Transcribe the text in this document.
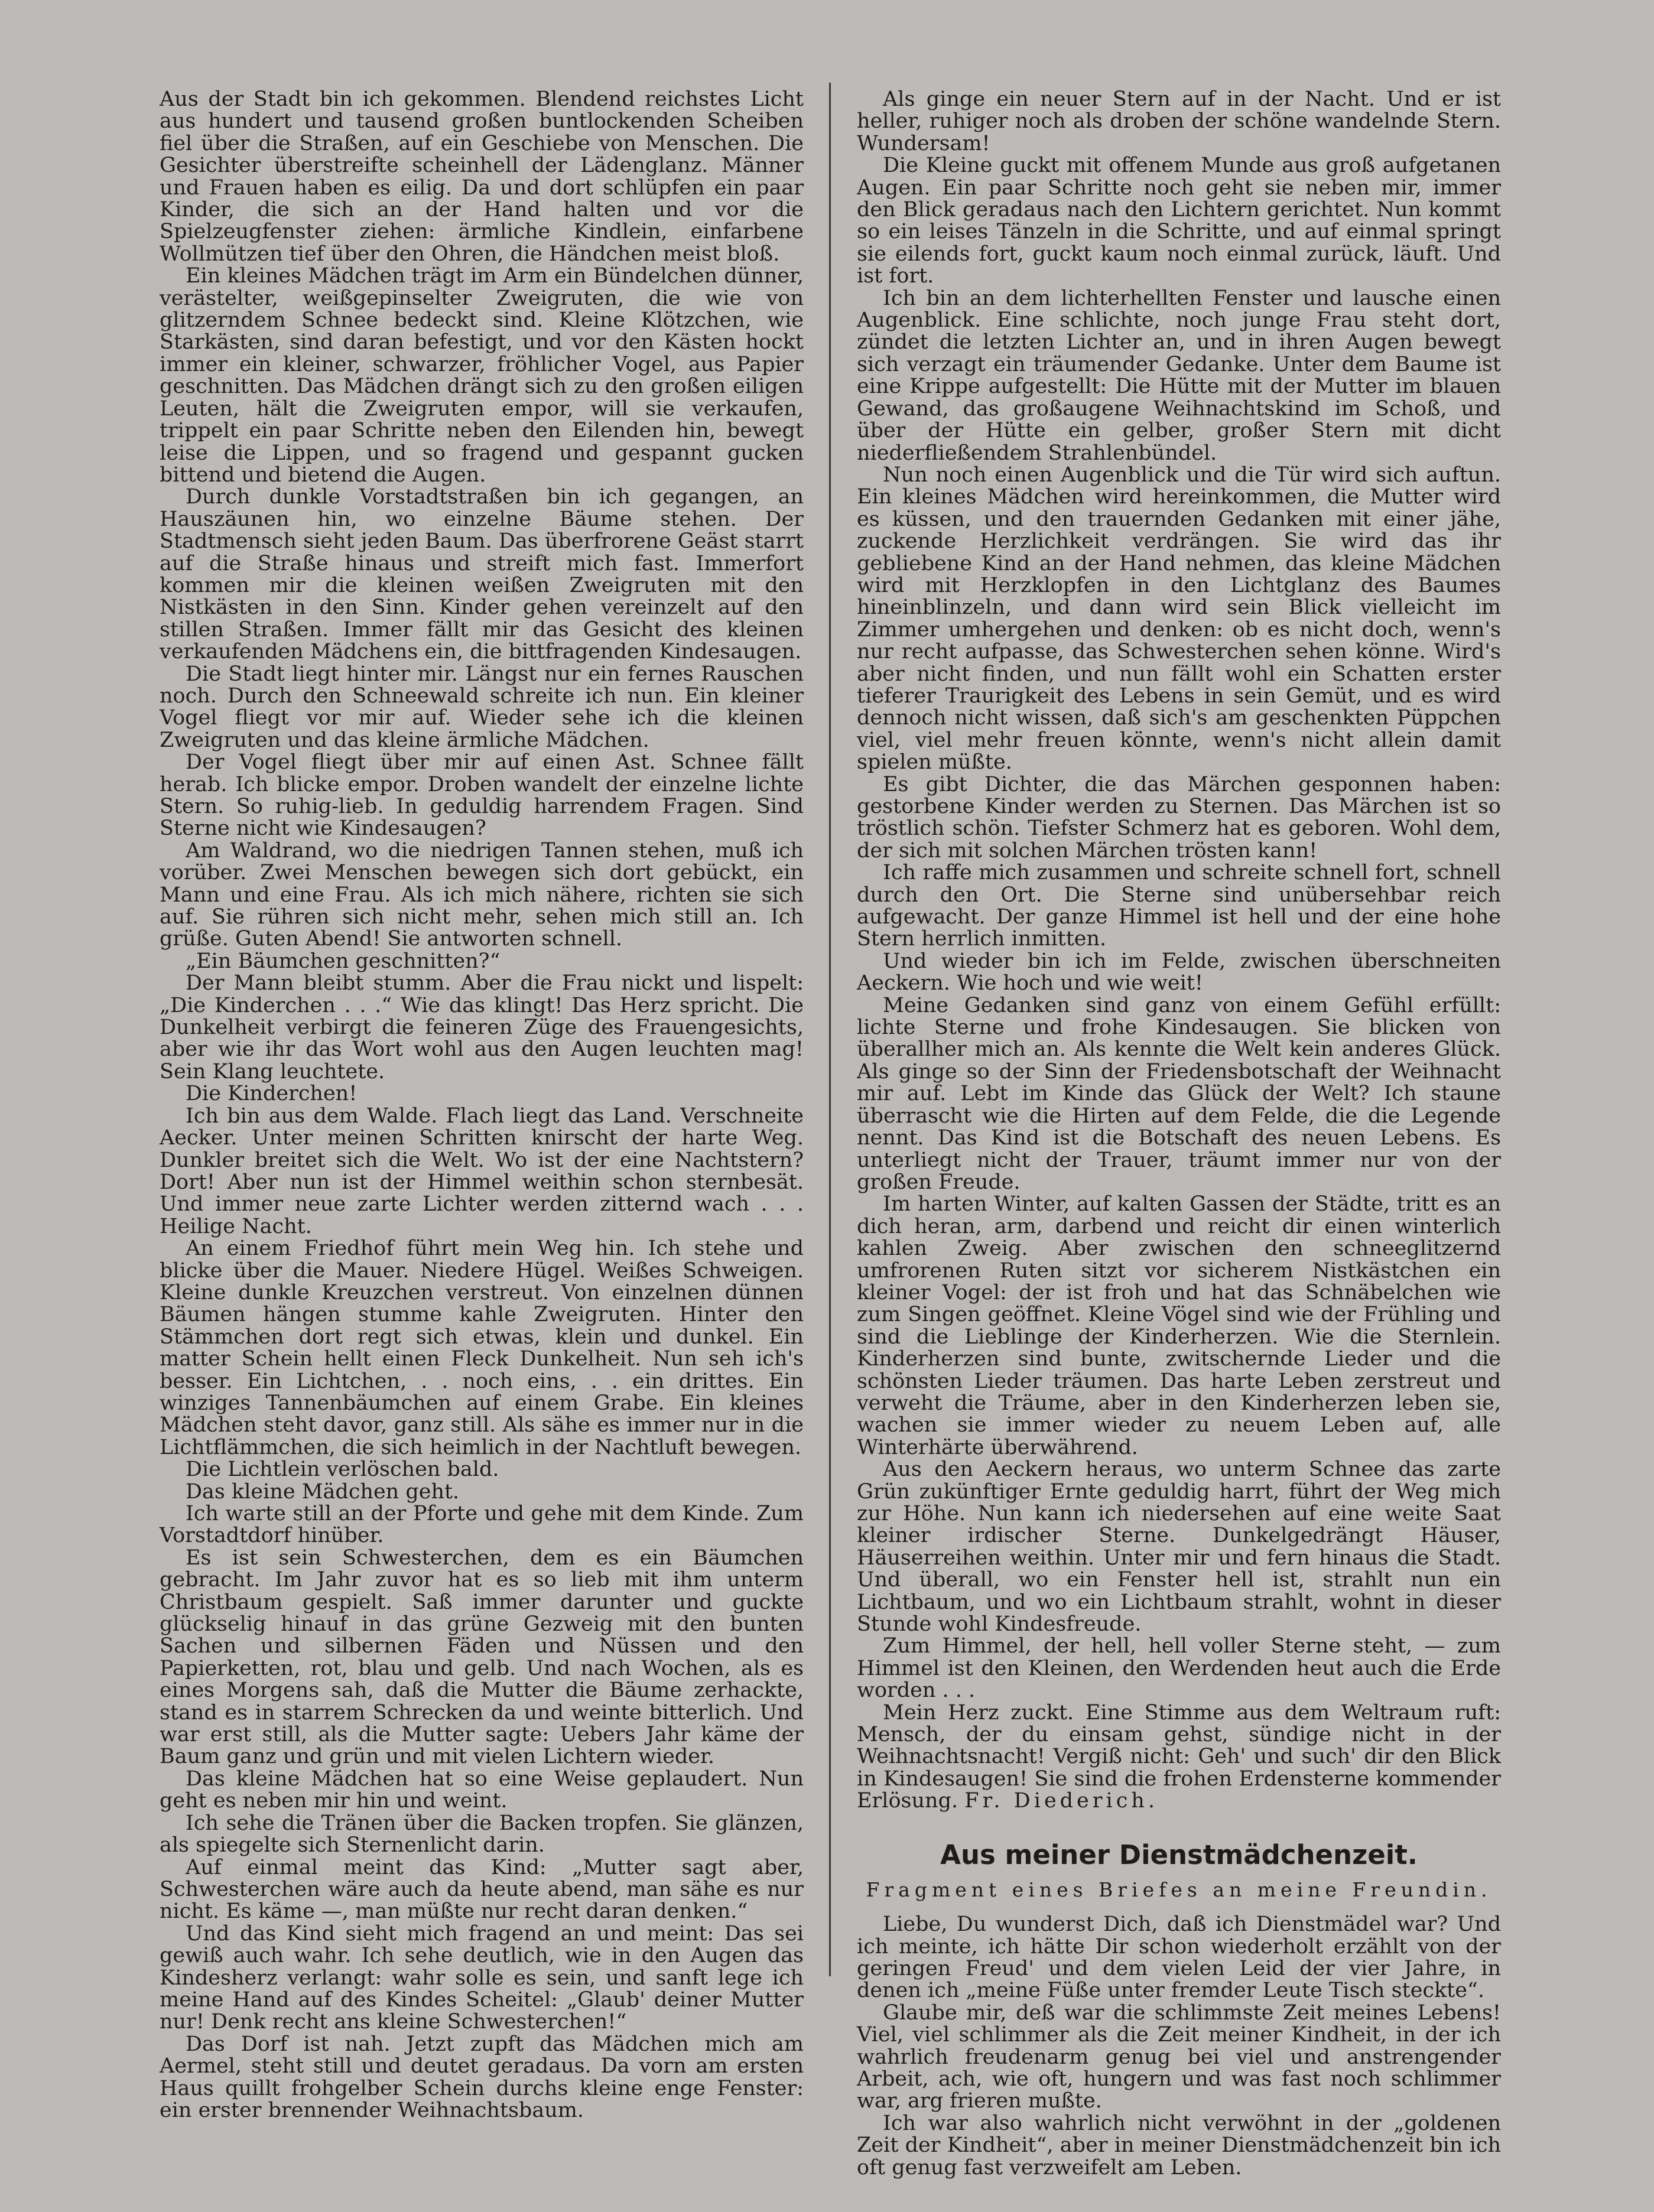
Aus der Stadt bin ich gekommen. Blendend reichstes Licht aus hundert und tausend großen buntlockenden Scheiben fiel über die Straßen, auf ein Geschiebe von Menschen. Die Gesichter überstreifte scheinhell der Lädenglanz. Männer und Frauen haben es eilig. Da und dort schlüpfen ein paar Kinder, die sich an der Hand halten und vor die Spielzeugfenster ziehen: ärmliche Kindlein, einfarbene Wollmützen tief über den Ohren, die Händchen meist bloß.

Ein kleines Mädchen trägt im Arm ein Bündelchen dünner, verästelter, weißgepinselter Zweigruten, die wie von glitzerndem Schnee bedeckt sind. Kleine Klötzchen, wie Starkästen, sind daran befestigt, und vor den Kästen hockt immer ein kleiner, schwarzer, fröhlicher Vogel, aus Papier geschnitten. Das Mädchen drängt sich zu den großen eiligen Leuten, hält die Zweigruten empor, will sie verkaufen, trippelt ein paar Schritte neben den Eilenden hin, bewegt leise die Lippen, und so fragend und gespannt gucken bittend und bietend die Augen.

Durch dunkle Vorstadtstraßen bin ich gegangen, an Hauszäunen hin, wo einzelne Bäume stehen. Der Stadtmensch sieht jeden Baum. Das überfrorene Geäst starrt auf die Straße hinaus und streift mich fast. Immerfort kommen mir die kleinen weißen Zweigruten mit den Nistkästen in den Sinn. Kinder gehen vereinzelt auf den stillen Straßen. Immer fällt mir das Gesicht des kleinen verkaufenden Mädchens ein, die bittfragenden Kindesaugen.

Die Stadt liegt hinter mir. Längst nur ein fernes Rauschen noch. Durch den Schneewald schreite ich nun. Ein kleiner Vogel fliegt vor mir auf. Wieder sehe ich die kleinen Zweigruten und das kleine ärmliche Mädchen.

Der Vogel fliegt über mir auf einen Ast. Schnee fällt herab. Ich blicke empor. Droben wandelt der einzelne lichte Stern. So ruhig-lieb. In geduldig harrendem Fragen. Sind Sterne nicht wie Kindesaugen?

Am Waldrand, wo die niedrigen Tannen stehen, muß ich vorüber. Zwei Menschen bewegen sich dort gebückt, ein Mann und eine Frau. Als ich mich nähere, richten sie sich auf. Sie rühren sich nicht mehr, sehen mich still an. Ich grüße. Guten Abend! Sie antworten schnell.

„Ein Bäumchen geschnitten?“

Der Mann bleibt stumm. Aber die Frau nickt und lispelt: „Die Kinderchen . . .“ Wie das klingt! Das Herz spricht. Die Dunkelheit verbirgt die feineren Züge des Frauengesichts, aber wie ihr das Wort wohl aus den Augen leuchten mag! Sein Klang leuchtete.

Die Kinderchen!

Ich bin aus dem Walde. Flach liegt das Land. Verschneite Aecker. Unter meinen Schritten knirscht der harte Weg. Dunkler breitet sich die Welt. Wo ist der eine Nachtstern? Dort! Aber nun ist der Himmel weithin schon sternbesät. Und immer neue zarte Lichter werden zitternd wach . . . Heilige Nacht.

An einem Friedhof führt mein Weg hin. Ich stehe und blicke über die Mauer. Niedere Hügel. Weißes Schweigen. Kleine dunkle Kreuzchen verstreut. Von einzelnen dünnen Bäumen hängen stumme kahle Zweigruten. Hinter den Stämmchen dort regt sich etwas, klein und dunkel. Ein matter Schein hellt einen Fleck Dunkelheit. Nun seh ich's besser. Ein Lichtchen, . . noch eins, . . ein drittes. Ein winziges Tannenbäumchen auf einem Grabe. Ein kleines Mädchen steht davor, ganz still. Als sähe es immer nur in die Lichtflämmchen, die sich heimlich in der Nachtluft bewegen.

Die Lichtlein verlöschen bald.

Das kleine Mädchen geht.

Ich warte still an der Pforte und gehe mit dem Kinde. Zum Vorstadtdorf hinüber.

Es ist sein Schwesterchen, dem es ein Bäumchen gebracht. Im Jahr zuvor hat es so lieb mit ihm unterm Christbaum gespielt. Saß immer darunter und guckte glückselig hinauf in das grüne Gezweig mit den bunten Sachen und silbernen Fäden und Nüssen und den Papierketten, rot, blau und gelb. Und nach Wochen, als es eines Morgens sah, daß die Mutter die Bäume zerhackte, stand es in starrem Schrecken da und weinte bitterlich. Und war erst still, als die Mutter sagte: Uebers Jahr käme der Baum ganz und grün und mit vielen Lichtern wieder.

Das kleine Mädchen hat so eine Weise geplaudert. Nun geht es neben mir hin und weint.

Ich sehe die Tränen über die Backen tropfen. Sie glänzen, als spiegelte sich Sternenlicht darin.

Auf einmal meint das Kind: „Mutter sagt aber, Schwesterchen wäre auch da heute abend, man sähe es nur nicht. Es käme —, man müßte nur recht daran denken.“

Und das Kind sieht mich fragend an und meint: Das sei gewiß auch wahr. Ich sehe deutlich, wie in den Augen das Kindesherz verlangt: wahr solle es sein, und sanft lege ich meine Hand auf des Kindes Scheitel: „Glaub' deiner Mutter nur! Denk recht ans kleine Schwesterchen!“

Das Dorf ist nah. Jetzt zupft das Mädchen mich am Aermel, steht still und deutet geradaus. Da vorn am ersten Haus quillt frohgelber Schein durchs kleine enge Fenster: ein erster brennender Weihnachtsbaum.

Als ginge ein neuer Stern auf in der Nacht. Und er ist heller, ruhiger noch als droben der schöne wandelnde Stern. Wundersam!

Die Kleine guckt mit offenem Munde aus groß aufgetanen Augen. Ein paar Schritte noch geht sie neben mir, immer den Blick geradaus nach den Lichtern gerichtet. Nun kommt so ein leises Tänzeln in die Schritte, und auf einmal springt sie eilends fort, guckt kaum noch einmal zurück, läuft. Und ist fort.

Ich bin an dem lichterhellten Fenster und lausche einen Augenblick. Eine schlichte, noch junge Frau steht dort, zündet die letzten Lichter an, und in ihren Augen bewegt sich verzagt ein träumender Gedanke. Unter dem Baume ist eine Krippe aufgestellt: Die Hütte mit der Mutter im blauen Gewand, das großaugene Weihnachtskind im Schoß, und über der Hütte ein gelber, großer Stern mit dicht niederfließendem Strahlenbündel.

Nun noch einen Augenblick und die Tür wird sich auftun. Ein kleines Mädchen wird hereinkommen, die Mutter wird es küssen, und den trauernden Gedanken mit einer jähe, zuckende Herzlichkeit verdrängen. Sie wird das ihr gebliebene Kind an der Hand nehmen, das kleine Mädchen wird mit Herzklopfen in den Lichtglanz des Baumes hineinblinzeln, und dann wird sein Blick vielleicht im Zimmer umhergehen und denken: ob es nicht doch, wenn's nur recht aufpasse, das Schwesterchen sehen könne. Wird's aber nicht finden, und nun fällt wohl ein Schatten erster tieferer Traurigkeit des Lebens in sein Gemüt, und es wird dennoch nicht wissen, daß sich's am geschenkten Püppchen viel, viel mehr freuen könnte, wenn's nicht allein damit spielen müßte.

Es gibt Dichter, die das Märchen gesponnen haben: gestorbene Kinder werden zu Sternen. Das Märchen ist so tröstlich schön. Tiefster Schmerz hat es geboren. Wohl dem, der sich mit solchen Märchen trösten kann!

Ich raffe mich zusammen und schreite schnell fort, schnell durch den Ort. Die Sterne sind unübersehbar reich aufgewacht. Der ganze Himmel ist hell und der eine hohe Stern herrlich inmitten.

Und wieder bin ich im Felde, zwischen überschneiten Aeckern. Wie hoch und wie weit!

Meine Gedanken sind ganz von einem Gefühl erfüllt: lichte Sterne und frohe Kindesaugen. Sie blicken von überallher mich an. Als kennte die Welt kein anderes Glück. Als ginge so der Sinn der Friedensbotschaft der Weihnacht mir auf. Lebt im Kinde das Glück der Welt? Ich staune überrascht wie die Hirten auf dem Felde, die die Legende nennt. Das Kind ist die Botschaft des neuen Lebens. Es unterliegt nicht der Trauer, träumt immer nur von der großen Freude.

Im harten Winter, auf kalten Gassen der Städte, tritt es an dich heran, arm, darbend und reicht dir einen winterlich kahlen Zweig. Aber zwischen den schneeglitzernd umfrorenen Ruten sitzt vor sicherem Nistkästchen ein kleiner Vogel: der ist froh und hat das Schnäbelchen wie zum Singen geöffnet. Kleine Vögel sind wie der Frühling und sind die Lieblinge der Kinderherzen. Wie die Sternlein. Kinderherzen sind bunte, zwitschernde Lieder und die schönsten Lieder träumen. Das harte Leben zerstreut und verweht die Träume, aber in den Kinderherzen leben sie, wachen sie immer wieder zu neuem Leben auf, alle Winterhärte überwährend.

Aus den Aeckern heraus, wo unterm Schnee das zarte Grün zukünftiger Ernte geduldig harrt, führt der Weg mich zur Höhe. Nun kann ich niedersehen auf eine weite Saat kleiner irdischer Sterne. Dunkelgedrängt Häuser, Häuserreihen weithin. Unter mir und fern hinaus die Stadt. Und überall, wo ein Fenster hell ist, strahlt nun ein Lichtbaum, und wo ein Lichtbaum strahlt, wohnt in dieser Stunde wohl Kindesfreude.

Zum Himmel, der hell, hell voller Sterne steht, — zum Himmel ist den Kleinen, den Werdenden heut auch die Erde worden . . .

Mein Herz zuckt. Eine Stimme aus dem Weltraum ruft: Mensch, der du einsam gehst, sündige nicht in der Weihnachtsnacht! Vergiß nicht: Geh' und such' dir den Blick in Kindesaugen! Sie sind die frohen Erdensterne kommender Erlösung. Fr. Diederich.

Aus meiner Dienstmädchenzeit.
Fragment eines Briefes an meine Freundin.

Liebe, Du wunderst Dich, daß ich Dienstmädel war? Und ich meinte, ich hätte Dir schon wiederholt erzählt von der geringen Freud' und dem vielen Leid der vier Jahre, in denen ich „meine Füße unter fremder Leute Tisch steckte“.

Glaube mir, deß war die schlimmste Zeit meines Lebens! Viel, viel schlimmer als die Zeit meiner Kindheit, in der ich wahrlich freudenarm genug bei viel und anstrengender Arbeit, ach, wie oft, hungern und was fast noch schlimmer war, arg frieren mußte.

Ich war also wahrlich nicht verwöhnt in der „goldenen Zeit der Kindheit“, aber in meiner Dienstmädchenzeit bin ich oft genug fast verzweifelt am Leben.
